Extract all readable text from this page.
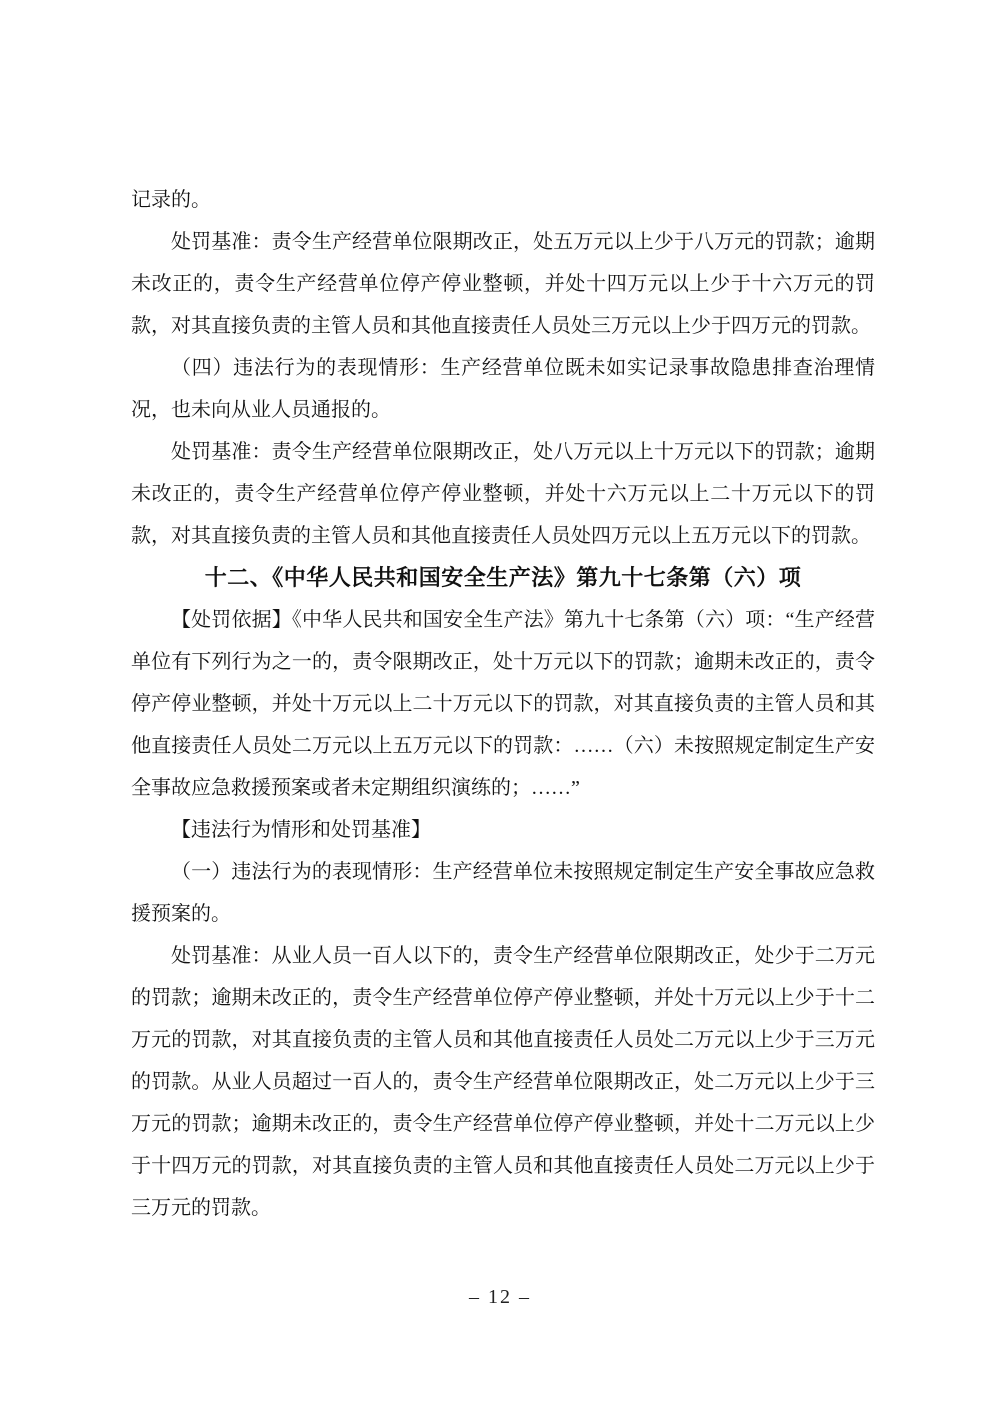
记录的。

处罚基准：责令生产经营单位限期改正，处五万元以上少于八万元的罚款；逾期未改正的，责令生产经营单位停产停业整顿，并处十四万元以上少于十六万元的罚款，对其直接负责的主管人员和其他直接责任人员处三万元以上少于四万元的罚款。

（四）违法行为的表现情形：生产经营单位既未如实记录事故隐患排查治理情况，也未向从业人员通报的。

处罚基准：责令生产经营单位限期改正，处八万元以上十万元以下的罚款；逾期未改正的，责令生产经营单位停产停业整顿，并处十六万元以上二十万元以下的罚款，对其直接负责的主管人员和其他直接责任人员处四万元以上五万元以下的罚款。

十二、《中华人民共和国安全生产法》第九十七条第（六）项

【处罚依据】《中华人民共和国安全生产法》第九十七条第（六）项：“生产经营单位有下列行为之一的，责令限期改正，处十万元以下的罚款；逾期未改正的，责令停产停业整顿，并处十万元以上二十万元以下的罚款，对其直接负责的主管人员和其他直接责任人员处二万元以上五万元以下的罚款：……（六）未按照规定制定生产安全事故应急救援预案或者未定期组织演练的；……”

【违法行为情形和处罚基准】

（一）违法行为的表现情形：生产经营单位未按照规定制定生产安全事故应急救援预案的。

处罚基准：从业人员一百人以下的，责令生产经营单位限期改正，处少于二万元的罚款；逾期未改正的，责令生产经营单位停产停业整顿，并处十万元以上少于十二万元的罚款，对其直接负责的主管人员和其他直接责任人员处二万元以上少于三万元的罚款。从业人员超过一百人的，责令生产经营单位限期改正，处二万元以上少于三万元的罚款；逾期未改正的，责令生产经营单位停产停业整顿，并处十二万元以上少于十四万元的罚款，对其直接负责的主管人员和其他直接责任人员处二万元以上少于三万元的罚款。

– 12 –
